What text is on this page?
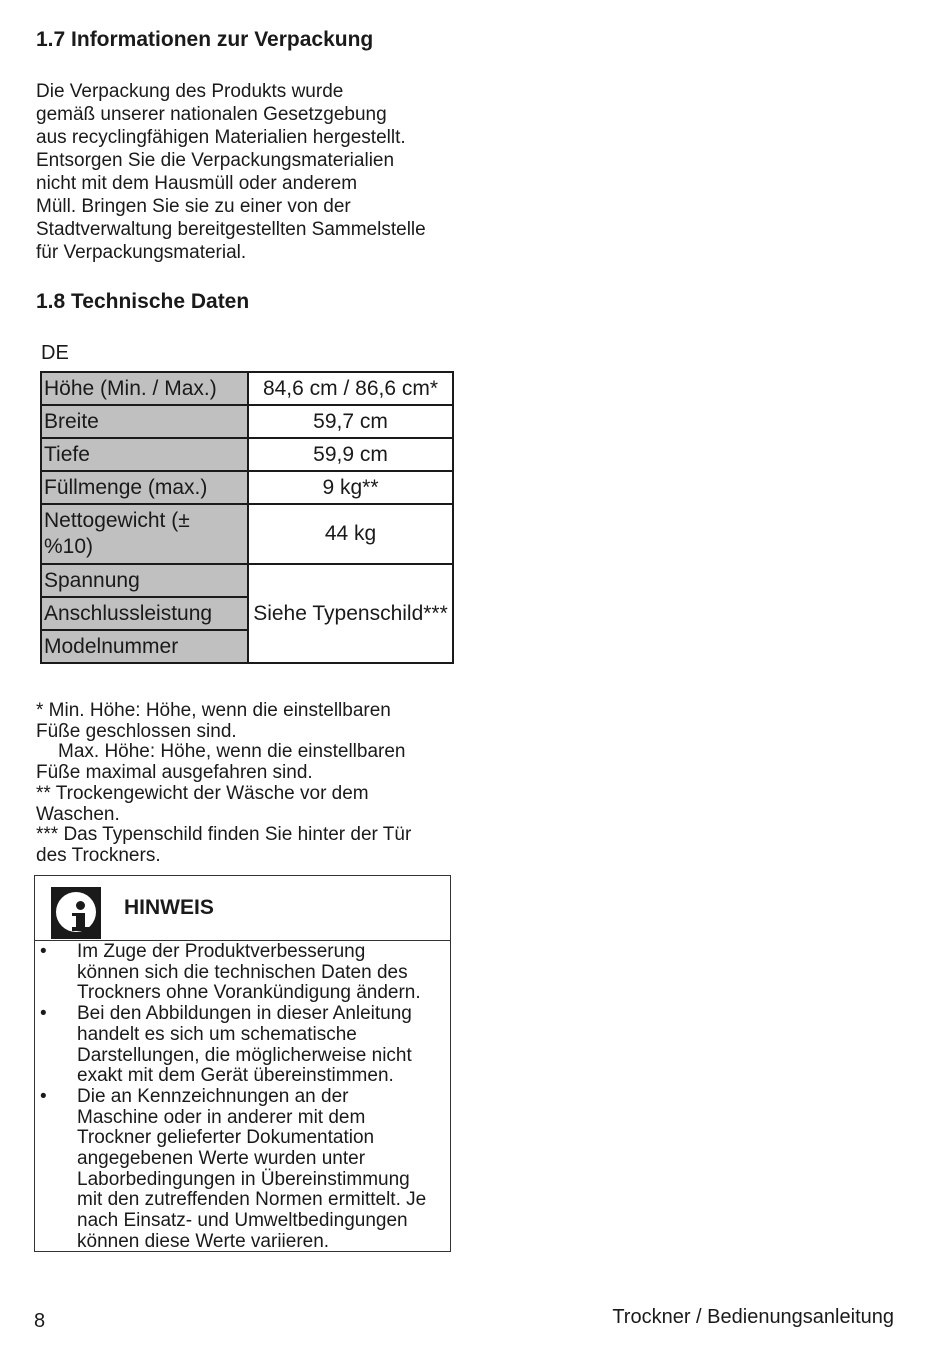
1.7 Informationen zur Verpackung
Die Verpackung des Produkts wurde
gemäß unserer nationalen Gesetzgebung
aus recyclingfähigen Materialien hergestellt.
Entsorgen Sie die Verpackungsmaterialien
nicht mit dem Hausmüll oder anderem
Müll. Bringen Sie sie zu einer von der
Stadtverwaltung bereitgestellten Sammelstelle
für Verpackungsmaterial.
1.8 Technische Daten
DE
Höhe (Min. / Max.)	84,6 cm / 86,6 cm*
Breite	59,7 cm
Tiefe	59,9 cm
Füllmenge (max.)	9 kg**

Nettogewicht (±
%10)	44 kg
Spannung	Siehe Typenschild***
Anschlussleistung	
Modelnummer	
* Min. Höhe: Höhe, wenn die einstellbaren
Füße geschlossen sind.
Max. Höhe: Höhe, wenn die einstellbaren
Füße maximal ausgefahren sind.
** Trockengewicht der Wäsche vor dem
Waschen.
*** Das Typenschild finden Sie hinter der Tür
des Trockners.
HINWEIS
• Im Zuge der Produktverbesserung
können sich die technischen Daten des
Trockners ohne Vorankündigung ändern.
• Bei den Abbildungen in dieser Anleitung
handelt es sich um schematische
Darstellungen, die möglicherweise nicht
exakt mit dem Gerät übereinstimmen.
• Die an Kennzeichnungen an der
Maschine oder in anderer mit dem
Trockner gelieferter Dokumentation
angegebenen Werte wurden unter
Laborbedingungen in Übereinstimmung
mit den zutreffenden Normen ermittelt. Je
nach Einsatz- und Umweltbedingungen
können diese Werte variieren.
8	Trockner / Bedienungsanleitung
